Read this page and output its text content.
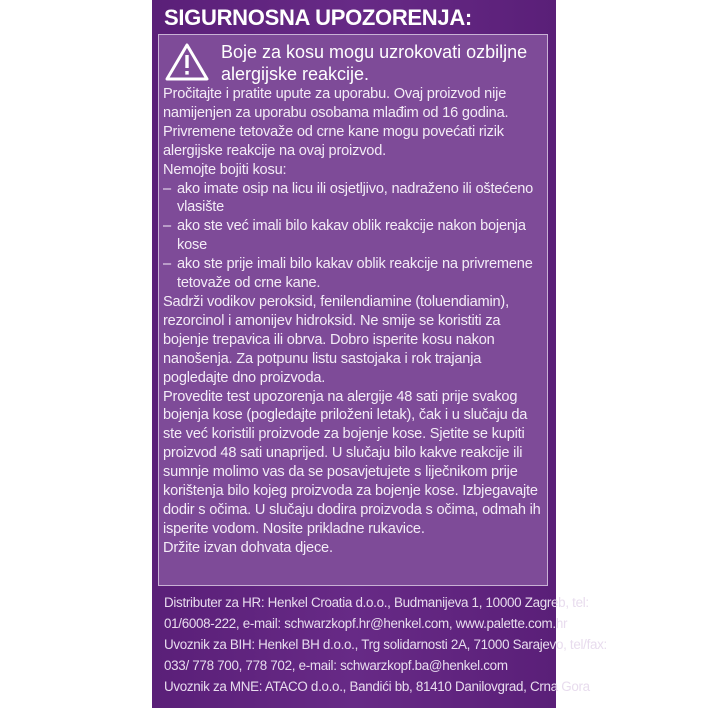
SIGURNOSNA UPOZORENJA:
Boje za kosu mogu uzrokovati ozbiljne
alergijske reakcije.

Pročitajte i pratite upute za uporabu. Ovaj proizvod nije namijenjen za uporabu osobama mlađim od 16 godina.

Privremene tetovaže od crne kane mogu povećati rizik alergijske reakcije na ovaj proizvod.

Nemojte bojiti kosu:

– ako imate osip na licu ili osjetljivo, nadraženo ili oštećeno vlasište
– ako ste već imali bilo kakav oblik reakcije nakon bojenja kose
– ako ste prije imali bilo kakav oblik reakcije na privremene tetovaže od crne kane.

Sadrži vodikov peroksid, fenilendiamine (toluendiamin), rezorcinol i amonijev hidroksid. Ne smije se koristiti za bojenje trepavica ili obrva. Dobro isperite kosu nakon nanošenja. Za potpunu listu sastojaka i rok trajanja pogledajte dno proizvoda.

Provedite test upozorenja na alergije 48 sati prije svakog bojenja kose (pogledajte priloženi letak), čak i u slučaju da ste već koristili proizvode za bojenje kose. Sjetite se kupiti proizvod 48 sati unaprijed. U slučaju bilo kakve reakcije ili sumnje molimo vas da se posavjetujete s liječnikom prije korištenja bilo kojeg proizvoda za bojenje kose. Izbjegavajte dodir s očima. U slučaju dodira proizvoda s očima, odmah ih isperite vodom. Nosite prikladne rukavice.

Držite izvan dohvata djece.

Distributer za HR: Henkel Croatia d.o.o., Budmanijeva 1, 10000 Zagreb, tel:

01/6008-222, e-mail: schwarzkopf.hr@henkel.com, www.palette.com.hr

Uvoznik za BIH: Henkel BH d.o.o., Trg solidarnosti 2A, 71000 Sarajevo, tel/fax:

033/ 778 700, 778 702, e-mail: schwarzkopf.ba@henkel.com

Uvoznik za MNE: ATACO d.o.o., Bandići bb, 81410 Danilovgrad, Crna Gora
